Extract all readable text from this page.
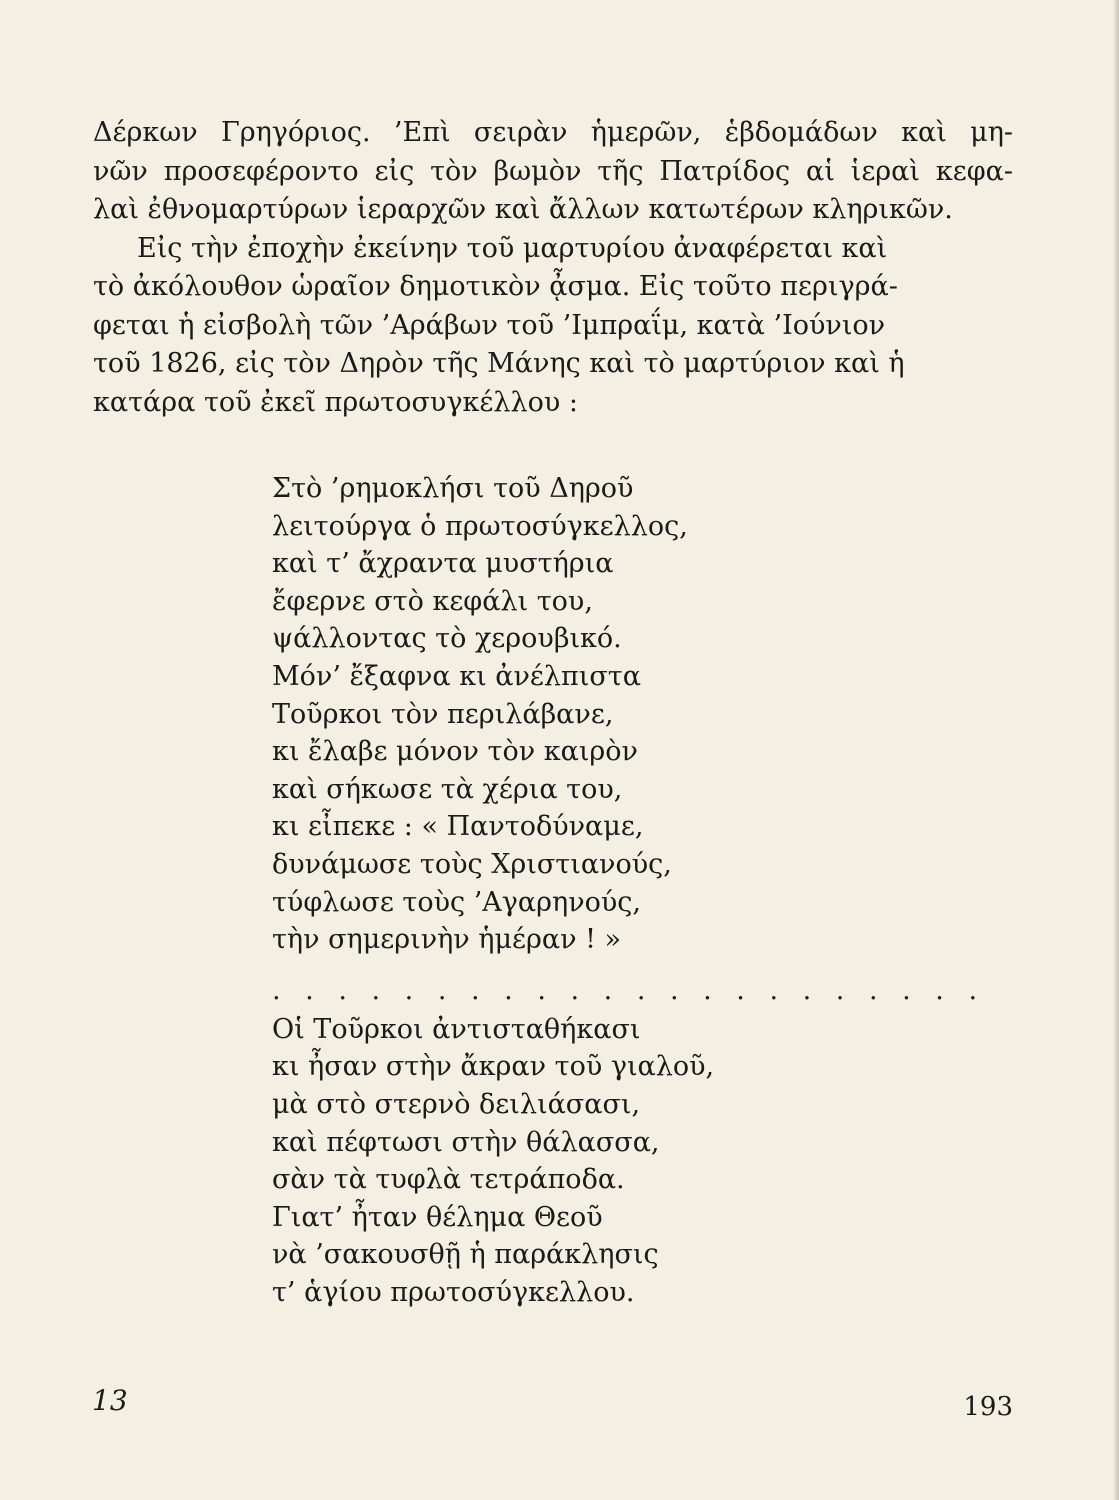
Δέρκων Γρηγόριος. ’Επὶ σειρὰν ἡμερῶν, ἑβδομάδων καὶ μη-
νῶν προσεφέροντο εἰς τὸν βωμὸν τῆς Πατρίδος αἱ ἱεραὶ κεφα-
λαὶ ἐθνομαρτύρων ἱεραρχῶν καὶ ἄλλων κατωτέρων κληρικῶν.

Εἰς τὴν ἐποχὴν ἐκείνην τοῦ μαρτυρίου ἀναφέρεται καὶ
τὸ ἀκόλουθον ὡραῖον δημοτικὸν ᾆσμα. Εἰς τοῦτο περιγρά-
φεται ἡ εἰσβολὴ τῶν ’Αράβων τοῦ ’Ιμπραΐμ, κατὰ ’Ιούνιον
τοῦ 1826, εἰς τὸν Δηρὸν τῆς Μάνης καὶ τὸ μαρτύριον καὶ ἡ
κατάρα τοῦ ἐκεῖ πρωτοσυγκέλλου :

Στὸ ’ρημοκλήσι τοῦ Δηροῦ
λειτούργα ὁ πρωτοσύγκελλος,
καὶ τ’ ἄχραντα μυστήρια
ἔφερνε στὸ κεφάλι του,
ψάλλοντας τὸ χερουβικό.
Μόν’ ἔξαφνα κι ἀνέλπιστα
Τοῦρκοι τὸν περιλάβανε,
κι ἔλαβε μόνον τὸν καιρὸν
καὶ σήκωσε τὰ χέρια του,
κι εἶπεκε : « Παντοδύναμε,
δυνάμωσε τοὺς Χριστιανούς,
τύφλωσε τοὺς ’Αγαρηνούς,
τὴν σημερινὴν ἡμέραν ! »
. . . . . . . . . . . . . . . . . . . . . .
Οἱ Τοῦρκοι ἀντισταθήκασι
κι ἦσαν στὴν ἄκραν τοῦ γιαλοῦ,
μὰ στὸ στερνὸ δειλιάσασι,
καὶ πέφτωσι στὴν θάλασσα,
σὰν τὰ τυφλὰ τετράποδα.
Γιατ’ ἦταν θέλημα Θεοῦ
νὰ ’σακουσθῇ ἡ παράκλησις
τ’ ἁγίου πρωτοσύγκελλου.
13	193
